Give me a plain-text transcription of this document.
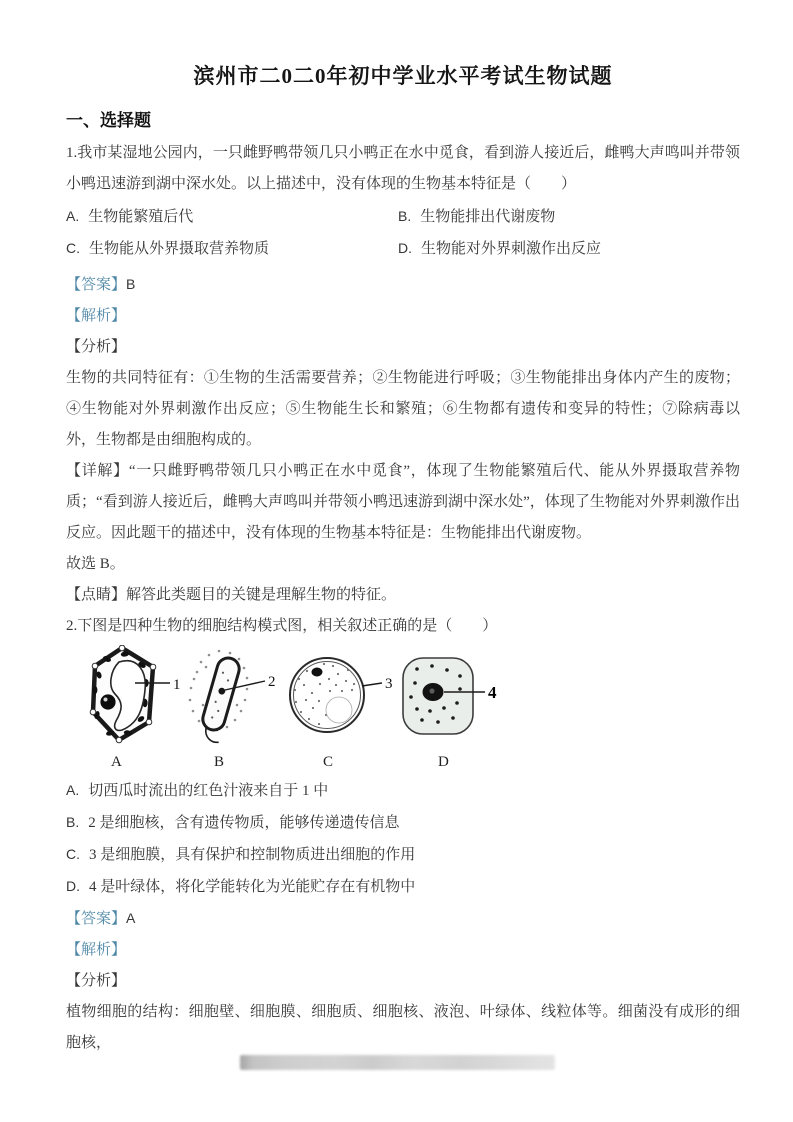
滨州市二0二0年初中学业水平考试生物试题
一、选择题

1.我市某湿地公园内，一只雌野鸭带领几只小鸭正在水中觅食，看到游人接近后，雌鸭大声鸣叫并带领小鸭迅速游到湖中深水处。以上描述中，没有体现的生物基本特征是（　　）

A. 生物能繁殖后代	B. 生物能排出代谢废物
C. 生物能从外界摄取营养物质	D. 生物能对外界刺激作出反应
【答案】B
【解析】
【分析】

生物的共同特征有：①生物的生活需要营养；②生物能进行呼吸；③生物能排出身体内产生的废物；④生物能对外界刺激作出反应；⑤生物能生长和繁殖；⑥生物都有遗传和变异的特性；⑦除病毒以外，生物都是由细胞构成的。

【详解】“一只雌野鸭带领几只小鸭正在水中觅食”，体现了生物能繁殖后代、能从外界摄取营养物质；“看到游人接近后，雌鸭大声鸣叫并带领小鸭迅速游到湖中深水处”，体现了生物能对外界刺激作出反应。因此题干的描述中，没有体现的生物基本特征是：生物能排出代谢废物。

故选 B。

【点睛】解答此类题目的关键是理解生物的特征。

2.下图是四种生物的细胞结构模式图，相关叙述正确的是（　　）

1	2	3	4
A	B	C	D
A. 切西瓜时流出的红色汁液来自于 1 中
B. 2 是细胞核，含有遗传物质，能够传递遗传信息
C. 3 是细胞膜，具有保护和控制物质进出细胞的作用
D. 4 是叶绿体，将化学能转化为光能贮存在有机物中
【答案】A
【解析】
【分析】

植物细胞的结构：细胞壁、细胞膜、细胞质、细胞核、液泡、叶绿体、线粒体等。细菌没有成形的细胞核，
